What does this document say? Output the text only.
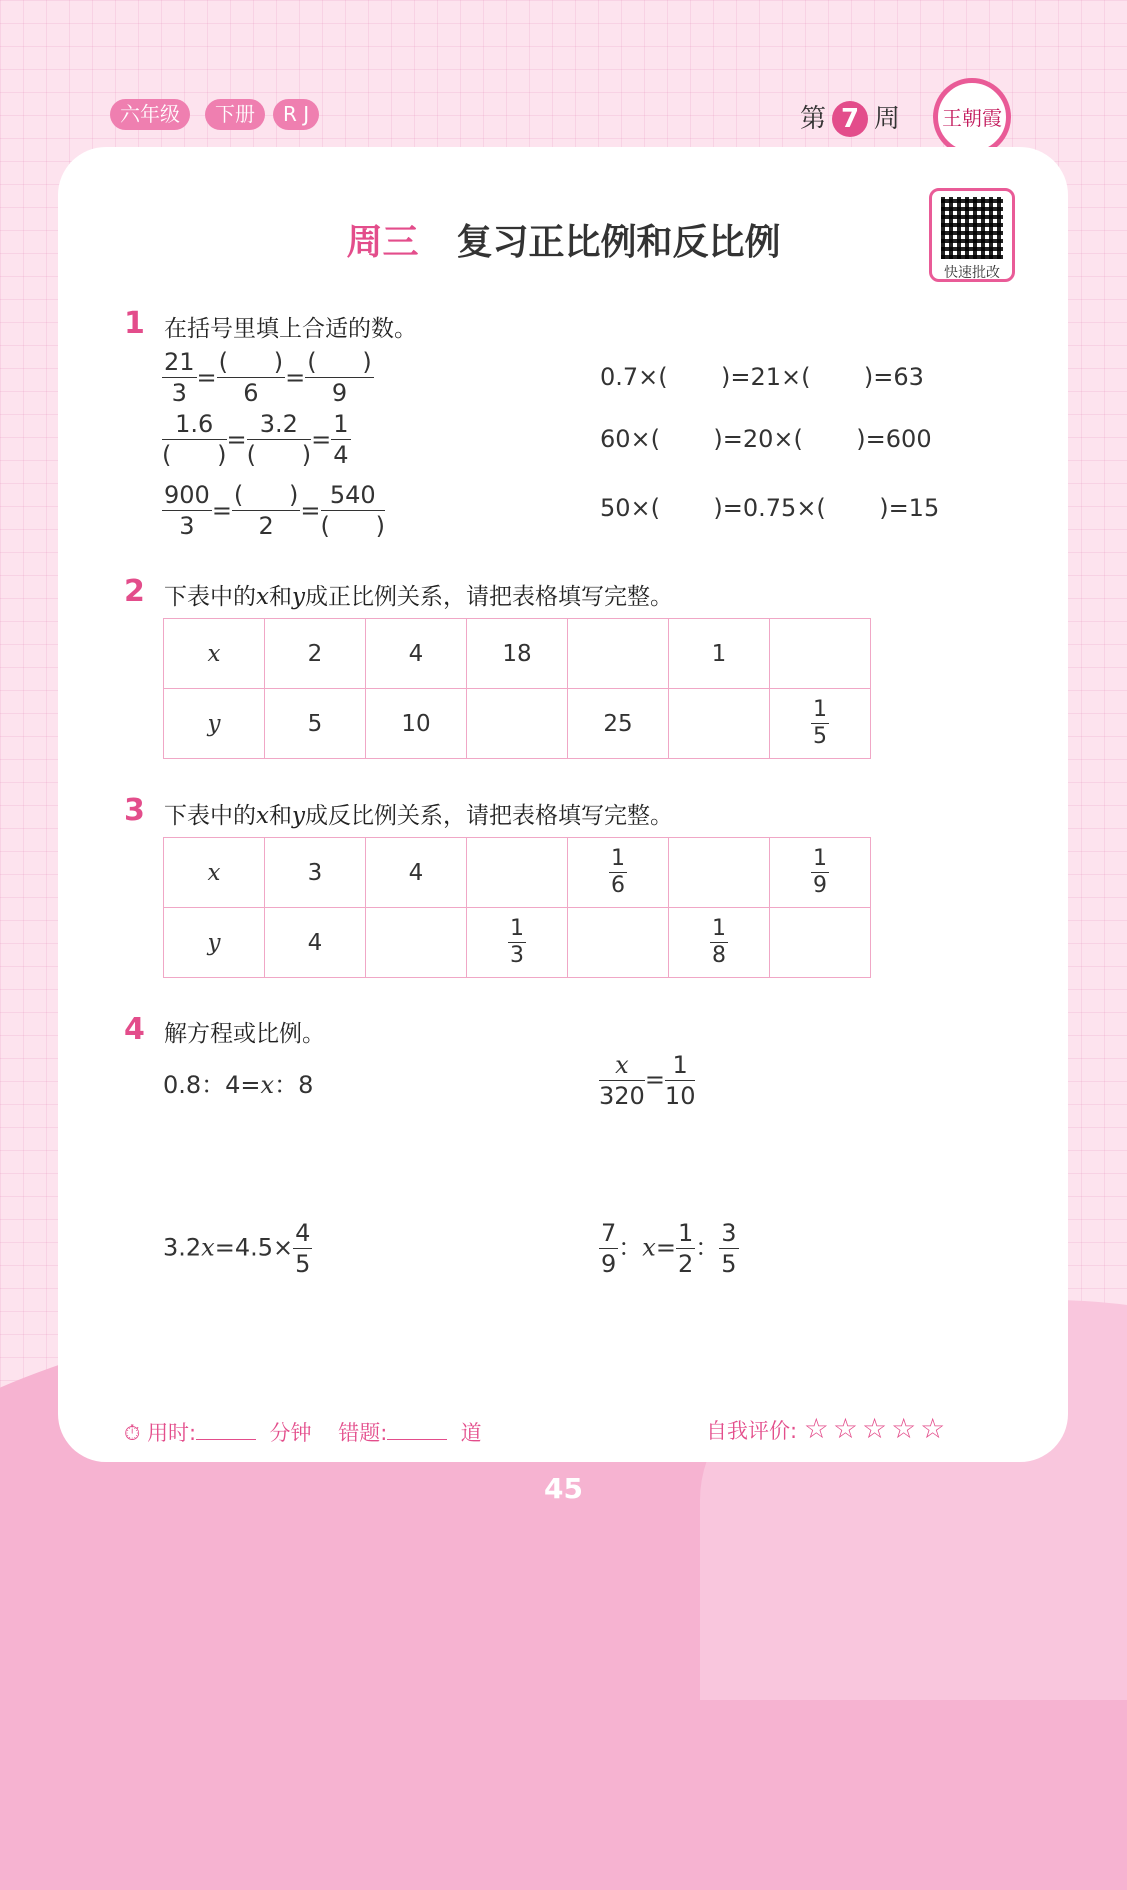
六年级	下册	R J	第 7 周	王朝霞
快速批改
周三 复习正比例和反比例
1 在括号里填上合适的数。
$\frac{21}{3} = \frac{( )}{6} = \frac{( )}{9}$
$\frac{1.6}{( )} = \frac{3.2}{( )} = \frac{1}{4}$
$\frac{900}{3} = \frac{( )}{2} = \frac{540}{( )}$
0.7×(       )=21×(       )=63
60×(       )=20×(       )=600
50×(       )=0.75×(       )=15
2 下表中的x和y成正比例关系，请把表格填写完整。
x	2	4	18		1	
y	5	10		25		$\frac{1}{5}$
3 下表中的x和y成反比例关系，请把表格填写完整。
x	3	4		$\frac{1}{6}$		$\frac{1}{9}$

y	4		$\frac{1}{3}$		$\frac{1}{8}$

4 解方程或比例。
0.8：4=x：8	$\frac{x}{320} = \frac{1}{10}$
$3.2x=4.5\times \frac{4}{5}$	$\frac{7}{9}$ ：$x= \frac{1}{2}$ ： $\frac{3}{5}$
⏱ 用时:	分钟 错题:	道	自我评价: ☆☆☆☆☆
45
